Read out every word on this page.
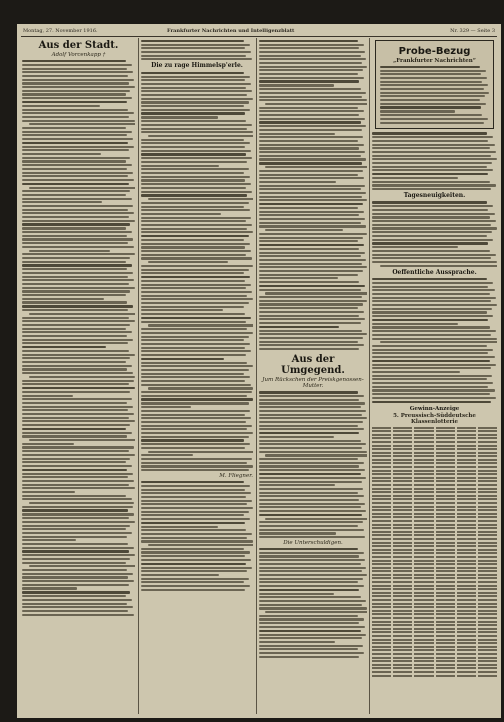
Montag, 27. November 1916.	Frankfurter Nachrichten und Intelligenzblatt	Nr. 329 — Seite 3
Aus der Stadt.
Adolf Vorcenkapp †
Die zu rage Himmelsp'erle.
M. Fliegner.
Aus der Umgegend.
Jum Rückschen der Preiskgenossen-Mutter.
Die Unterschuldigen.
Probe-Bezug
„Frankfurter Nachrichten“
Tagesneuigkeiten.
Oeffentliche Aussprache.
Gewinn-Anzeige
5. Preussisch-Süddeutsche Klassenlotterie
